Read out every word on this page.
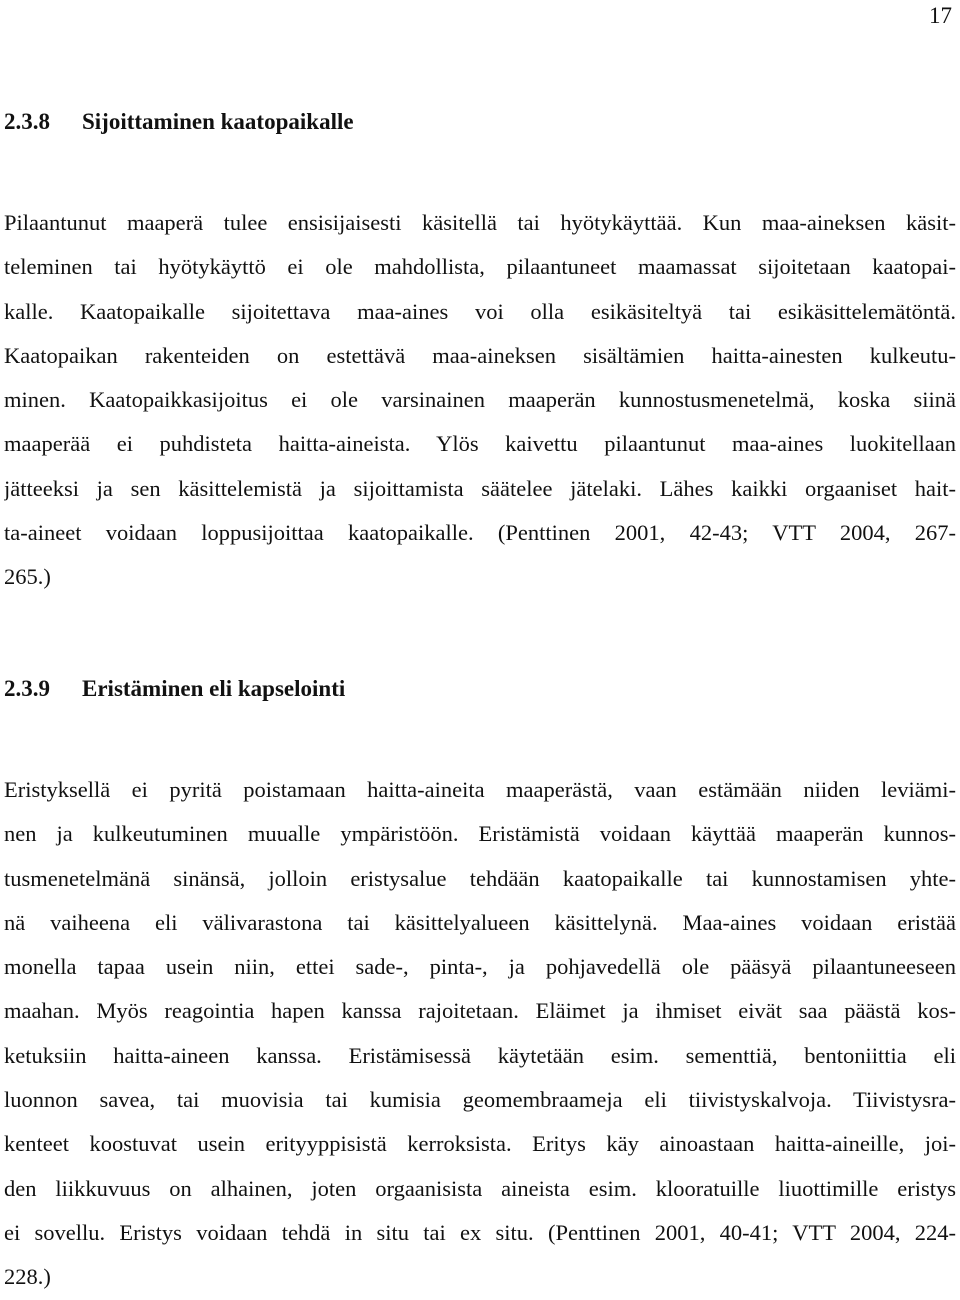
17
2.3.8 Sijoittaminen kaatopaikalle
Pilaantunut maaperä tulee ensisijaisesti käsitellä tai hyötykäyttää. Kun maa-aineksen käsit-
teleminen tai hyötykäyttö ei ole mahdollista, pilaantuneet maamassat sijoitetaan kaatopai-
kalle. Kaatopaikalle sijoitettava maa-aines voi olla esikäsiteltyä tai esikäsittelemätöntä.
Kaatopaikan rakenteiden on estettävä maa-aineksen sisältämien haitta-ainesten kulkeutu-
minen. Kaatopaikkasijoitus ei ole varsinainen maaperän kunnostusmenetelmä, koska siinä
maaperää ei puhdisteta haitta-aineista. Ylös kaivettu pilaantunut maa-aines luokitellaan
jätteeksi ja sen käsittelemistä ja sijoittamista säätelee jätelaki. Lähes kaikki orgaaniset hait-
ta-aineet voidaan loppusijoittaa kaatopaikalle. (Penttinen 2001, 42-43; VTT 2004, 267-
265.)
2.3.9 Eristäminen eli kapselointi
Eristyksellä ei pyritä poistamaan haitta-aineita maaperästä, vaan estämään niiden leviämi-
nen ja kulkeutuminen muualle ympäristöön. Eristämistä voidaan käyttää maaperän kunnos-
tusmenetelmänä sinänsä, jolloin eristysalue tehdään kaatopaikalle tai kunnostamisen yhte-
nä vaiheena eli välivarastona tai käsittelyalueen käsittelynä. Maa-aines voidaan eristää
monella tapaa usein niin, ettei sade-, pinta-, ja pohjavedellä ole pääsyä pilaantuneeseen
maahan. Myös reagointia hapen kanssa rajoitetaan. Eläimet ja ihmiset eivät saa päästä kos-
ketuksiin haitta-aineen kanssa. Eristämisessä käytetään esim. sementtiä, bentoniittia eli
luonnon savea, tai muovisia tai kumisia geomembraameja eli tiivistyskalvoja. Tiivistysra-
kenteet koostuvat usein erityyppisistä kerroksista. Eritys käy ainoastaan haitta-aineille, joi-
den liikkuvuus on alhainen, joten orgaanisista aineista esim. klooratuille liuottimille eristys
ei sovellu. Eristys voidaan tehdä in situ tai ex situ. (Penttinen 2001, 40-41; VTT 2004, 224-
228.)
